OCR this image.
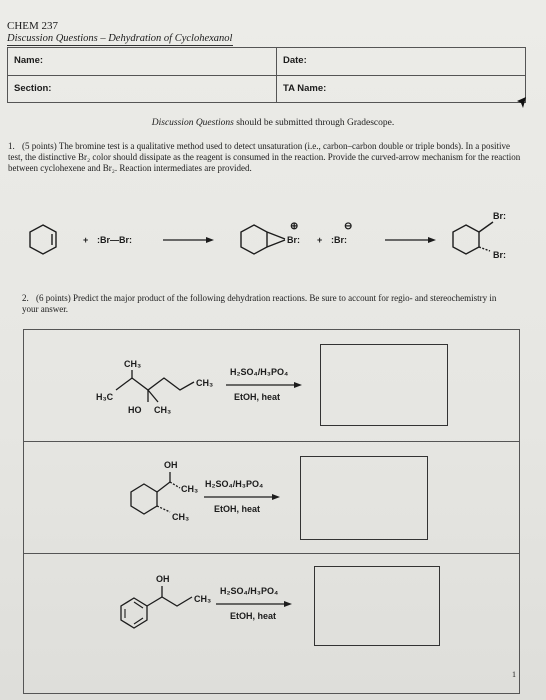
CHEM 237
Discussion Questions – Dehydration of Cyclohexanol
Name:	Date:
Section:	TA Name:
Discussion Questions should be submitted through Gradescope.
1. (5 points) The bromine test is a qualitative method used to detect unsaturation (i.e., carbon–carbon double or triple bonds). In a positive test, the distinctive Br₂ color should dissipate as the reagent is consumed in the reaction. Provide the curved-arrow mechanism for the reaction between cyclohexene and Br₂. Reaction intermediates are provided.
+ :Br—Br:	Br:
⊕
+ :Br:
⊖
Br:
Br:
2. (6 points) Predict the major product of the following dehydration reactions. Be sure to account for regio- and stereochemistry in your answer.
CH₃
CH₃
H₃C
HO CH₃
H₂SO₄/H₃PO₄
EtOH, heat
OH
CH₃
CH₃
H₂SO₄/H₃PO₄
EtOH, heat
OH
CH₃
H₂SO₄/H₃PO₄
EtOH, heat
1
